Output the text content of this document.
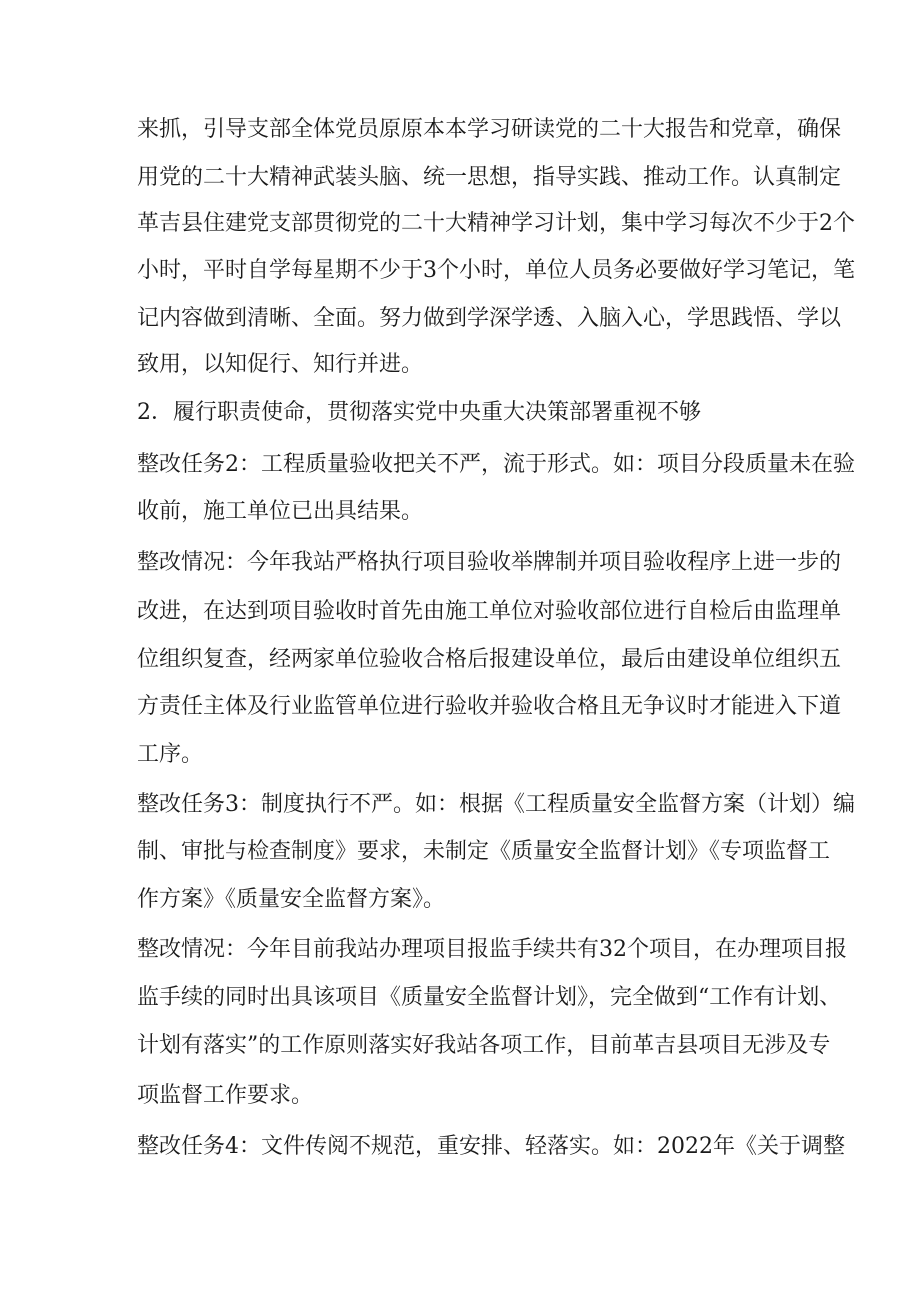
来抓，引导支部全体党员原原本本学习研读党的二十大报告和党章，确保
用党的二十大精神武装头脑、统一思想，指导实践、推动工作。认真制定
革吉县住建党支部贯彻党的二十大精神学习计划，集中学习每次不少于2个
小时，平时自学每星期不少于3个小时，单位人员务必要做好学习笔记，笔
记内容做到清晰、全面。努力做到学深学透、入脑入心，学思践悟、学以
致用，以知促行、知行并进。
2．履行职责使命，贯彻落实党中央重大决策部署重视不够
整改任务2：工程质量验收把关不严，流于形式。如：项目分段质量未在验
收前，施工单位已出具结果。
整改情况：今年我站严格执行项目验收举牌制并项目验收程序上进一步的
改进，在达到项目验收时首先由施工单位对验收部位进行自检后由监理单
位组织复查，经两家单位验收合格后报建设单位，最后由建设单位组织五
方责任主体及行业监管单位进行验收并验收合格且无争议时才能进入下道
工序。
整改任务3：制度执行不严。如：根据《工程质量安全监督方案（计划）编
制、审批与检查制度》要求，未制定《质量安全监督计划》《专项监督工
作方案》《质量安全监督方案》。
整改情况：今年目前我站办理项目报监手续共有32个项目，在办理项目报
监手续的同时出具该项目《质量安全监督计划》，完全做到“工作有计划、
计划有落实”的工作原则落实好我站各项工作，目前革吉县项目无涉及专
项监督工作要求。
整改任务4：文件传阅不规范，重安排、轻落实。如：2022年《关于调整
